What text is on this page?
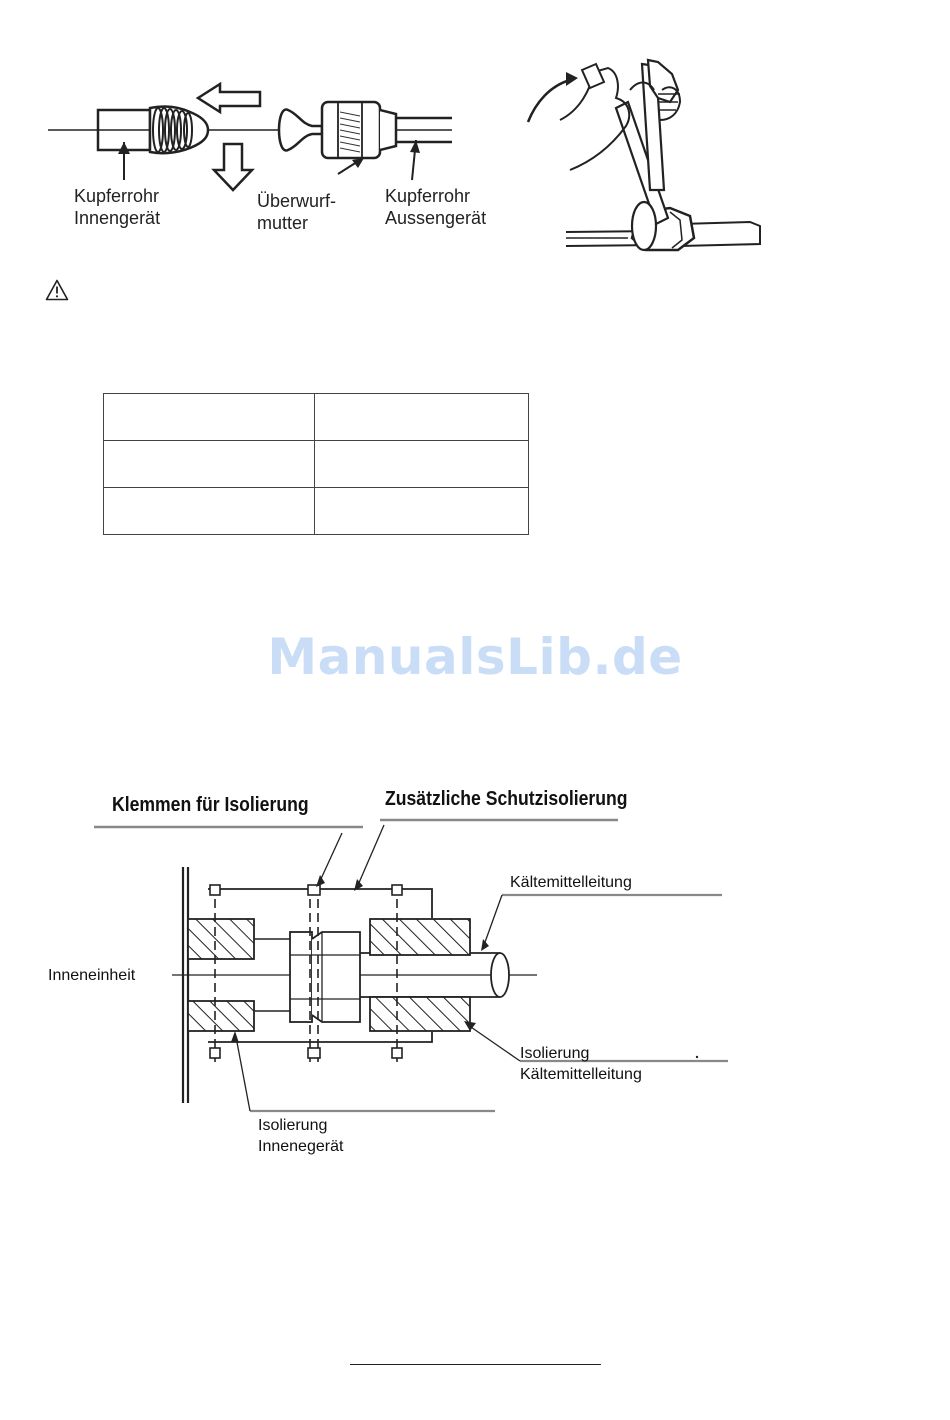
Kupferrohr
Innengerät
Überwurf-
mutter
Kupferrohr
Aussengerät

ManualsLib.de
Klemmen für Isolierung	Zusätzliche Schutzisolierung
Kältemittelleitung
Inneneinheit
Isolierung
Kältemittelleitung
Isolierung
Innenegerät
